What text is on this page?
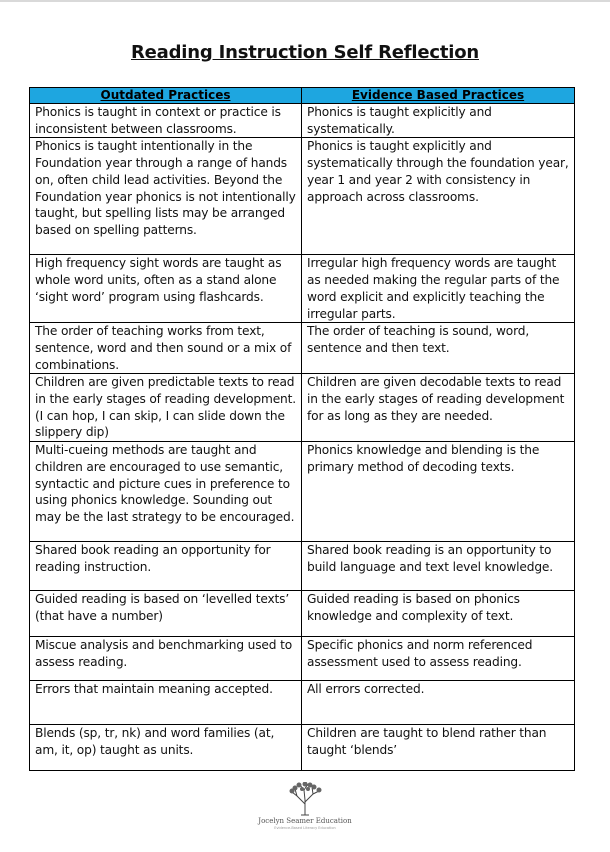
Reading Instruction Self Reflection
Outdated Practices	Evidence Based Practices
Phonics is taught in context or practice is inconsistent between classrooms.	Phonics is taught explicitly and systematically.
Phonics is taught intentionally in the Foundation year through a range of hands on, often child lead activities. Beyond the Foundation year phonics is not intentionally taught, but spelling lists may be arranged based on spelling patterns.	Phonics is taught explicitly and systematically through the foundation year, year 1 and year 2 with consistency in approach across classrooms.
High frequency sight words are taught as whole word units, often as a stand alone ‘sight word’ program using flashcards.	Irregular high frequency words are taught as needed making the regular parts of the word explicit and explicitly teaching the irregular parts.
The order of teaching works from text, sentence, word and then sound or a mix of combinations.	The order of teaching is sound, word, sentence and then text.
Children are given predictable texts to read in the early stages of reading development. (I can hop, I can skip, I can slide down the slippery dip)	Children are given decodable texts to read in the early stages of reading development for as long as they are needed.
Multi-cueing methods are taught and children are encouraged to use semantic, syntactic and picture cues in preference to using phonics knowledge. Sounding out may be the last strategy to be encouraged.	Phonics knowledge and blending is the primary method of decoding texts.
Shared book reading an opportunity for reading instruction.	Shared book reading is an opportunity to build language and text level knowledge.
Guided reading is based on ‘levelled texts’ (that have a number)	Guided reading is based on phonics knowledge and complexity of text.
Miscue analysis and benchmarking used to assess reading.	Specific phonics and norm referenced assessment used to assess reading.
Errors that maintain meaning accepted.	All errors corrected.
Blends (sp, tr, nk) and word families (at, am, it, op) taught as units.	Children are taught to blend rather than taught ‘blends’
Jocelyn Seamer Education
Evidence-Based Literacy Education
